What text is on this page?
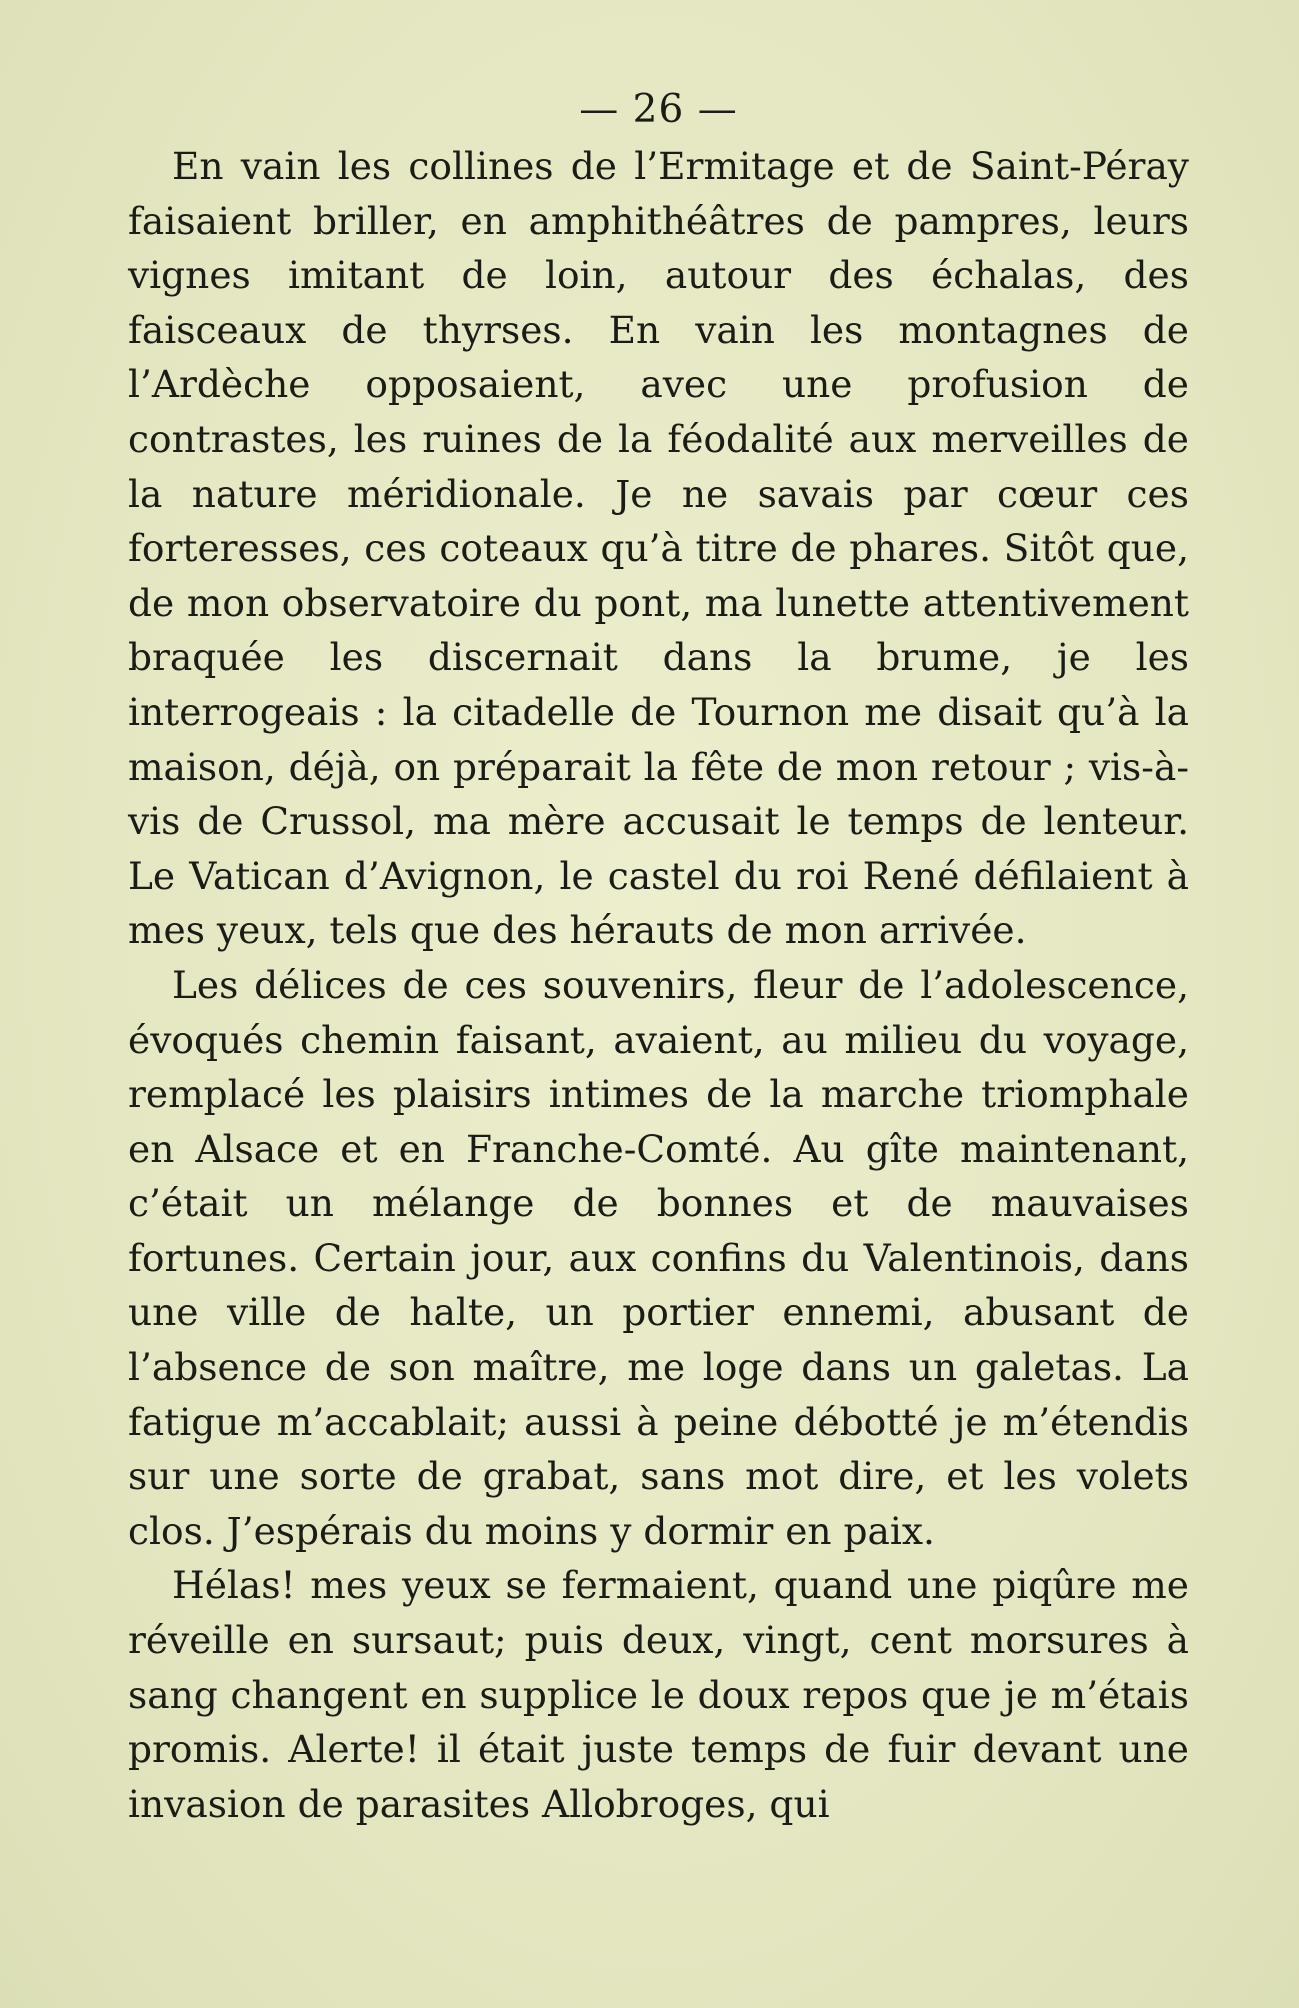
— 26 —

En vain les collines de l’Ermitage et de Saint-Péray faisaient briller, en amphithéâtres de pampres, leurs vignes imitant de loin, autour des échalas, des faisceaux de thyrses. En vain les montagnes de l’Ardèche opposaient, avec une profusion de contrastes, les ruines de la féodalité aux merveilles de la nature méridionale. Je ne savais par cœur ces forteresses, ces coteaux qu’à titre de phares. Sitôt que, de mon observatoire du pont, ma lunette attentivement braquée les discernait dans la brume, je les interrogeais : la citadelle de Tournon me disait qu’à la maison, déjà, on préparait la fête de mon retour ; vis-à-vis de Crussol, ma mère accusait le temps de lenteur. Le Vatican d’Avignon, le castel du roi René défilaient à mes yeux, tels que des hérauts de mon arrivée.

Les délices de ces souvenirs, fleur de l’adolescence, évoqués chemin faisant, avaient, au milieu du voyage, remplacé les plaisirs intimes de la marche triomphale en Alsace et en Franche-Comté. Au gîte maintenant, c’était un mélange de bonnes et de mauvaises fortunes. Certain jour, aux confins du Valentinois, dans une ville de halte, un portier ennemi, abusant de l’absence de son maître, me loge dans un galetas. La fatigue m’accablait; aussi à peine débotté je m’étendis sur une sorte de grabat, sans mot dire, et les volets clos. J’espérais du moins y dormir en paix.

Hélas! mes yeux se fermaient, quand une piqûre me réveille en sursaut; puis deux, vingt, cent morsures à sang changent en supplice le doux repos que je m’étais promis. Alerte! il était juste temps de fuir devant une invasion de parasites Allobroges, qui
